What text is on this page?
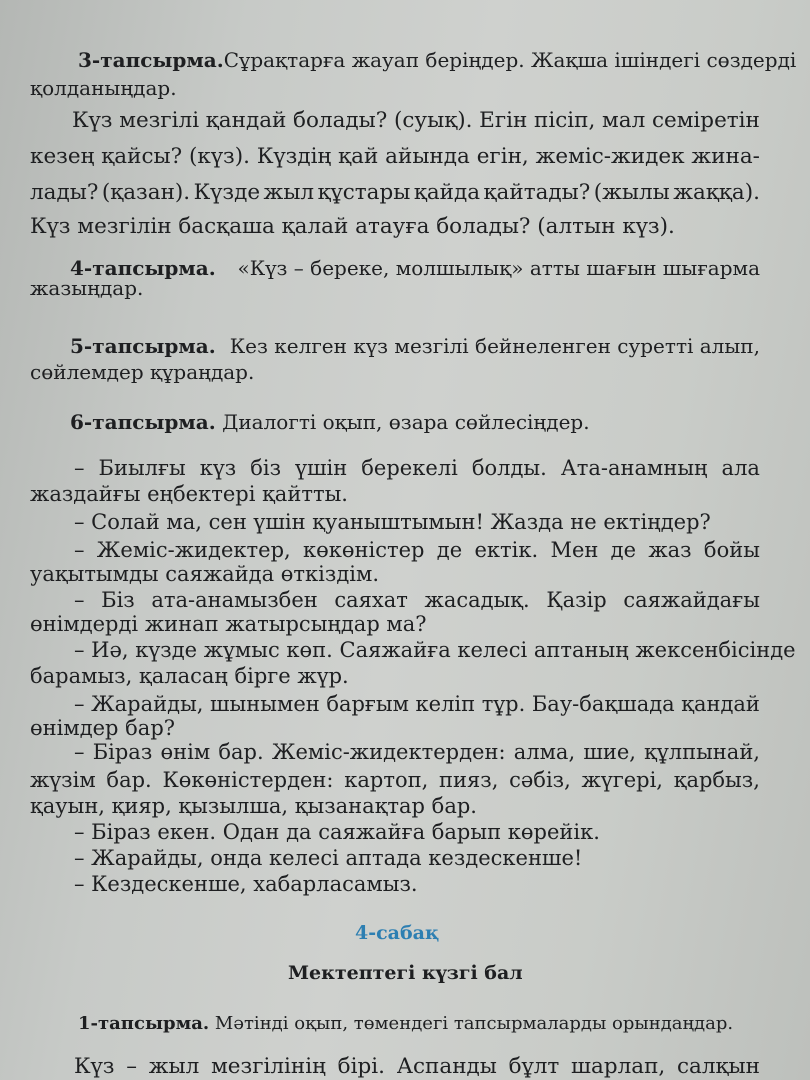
3-тапсырма. Сұрақтарға жауап беріңдер. Жақша ішіндегі сөздерді
қолданыңдар.
Күз мезгілі қандай болады? (суық). Егін пісіп, мал семіретін
кезең қайсы? (күз). Күздің қай айында егін, жеміс-жидек жина-
лады? (қазан). Күзде жыл құстары қайда қайтады? (жылы жаққа).
Күз мезгілін басқаша қалай атауға болады? (алтын күз).
4-тапсырма. «Күз – береке, молшылық» атты шағын шығарма
жазыңдар.
5-тапсырма. Кез келген күз мезгілі бейнеленген суретті алып,
сөйлемдер құраңдар.
6-тапсырма. Диалогті оқып, өзара сөйлесіңдер.
– Биылғы күз біз үшін берекелі болды. Ата-анамның ала
жаздайғы еңбектері қайтты.
– Солай ма, сен үшін қуаныштымын! Жазда не ектіңдер?
– Жеміс-жидектер, көкөністер де ектік. Мен де жаз бойы
уақытымды саяжайда өткіздім.
– Біз ата-анамызбен саяхат жасадық. Қазір саяжайдағы
өнімдерді жинап жатырсыңдар ма?
– Иә, күзде жұмыс көп. Саяжайға келесі аптаның жексенбісінде
барамыз, қаласаң бірге жүр.
– Жарайды, шынымен барғым келіп тұр. Бау-бақшада қандай
өнімдер бар?
– Біраз өнім бар. Жеміс-жидектерден: алма, шие, құлпынай,
жүзім бар. Көкөністерден: картоп, пияз, сәбіз, жүгері, қарбыз,
қауын, қияр, қызылша, қызанақтар бар.
– Біраз екен. Одан да саяжайға барып көрейік.
– Жарайды, онда келесі аптада кездескенше!
– Кездескенше, хабарласамыз.
4-сабақ
Мектептегі күзгі бал
1-тапсырма. Мәтінді оқып, төмендегі тапсырмаларды орындаңдар.
Күз – жыл мезгілінің бірі. Аспанды бұлт шарлап, салқын
